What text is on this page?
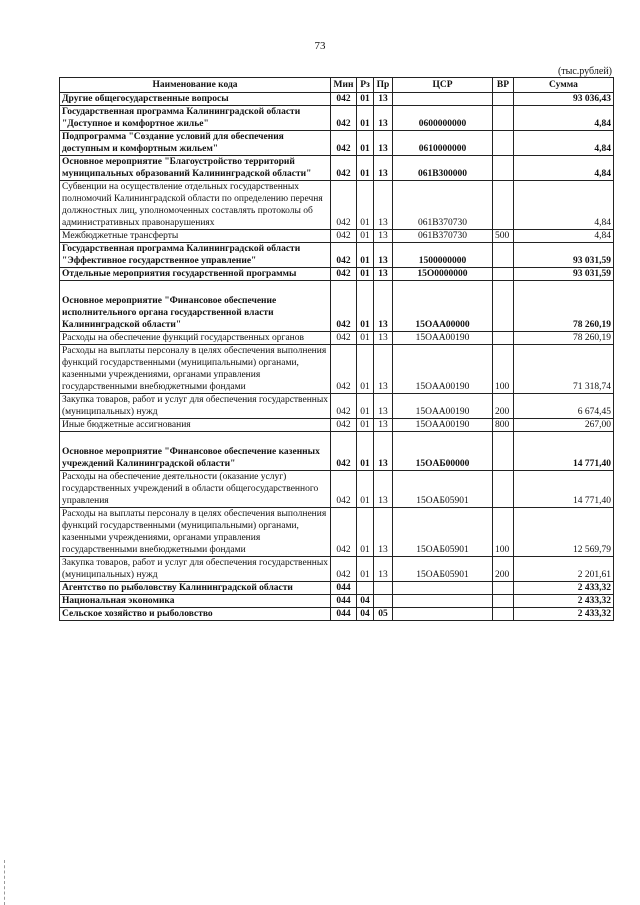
73
(тыс.рублей)
Наименование кода	Мин	Рз	Пр	ЦСР	ВР	Сумма
Другие общегосударственные вопросы	042	01	13			93 036,43
Государственная программа Калининградской области "Доступное и комфортное жилье"	042	01	13	0600000000		4,84
Подпрограмма "Создание условий для обеспечения доступным и комфортным жильем"	042	01	13	0610000000		4,84
Основное мероприятие "Благоустройство территорий муниципальных образований Калининградской области"	042	01	13	061B300000		4,84
Субвенции на осуществление отдельных государственных полномочий Калининградской области по определению перечня должностных лиц, уполномоченных составлять протоколы об административных правонарушениях	042	01	13	061B370730		4,84
Межбюджетные трансферты	042	01	13	061B370730	500	4,84
Государственная программа Калининградской области "Эффективное государственное управление"	042	01	13	1500000000		93 031,59
Отдельные мероприятия государственной программы	042	01	13	15O0000000		93 031,59
Основное мероприятие "Финансовое обеспечение исполнительного органа государственной власти Калининградской области"	042	01	13	15OAA00000		78 260,19
Расходы на обеспечение функций государственных органов	042	01	13	15OAA00190		78 260,19
Расходы на выплаты персоналу в целях обеспечения выполнения функций государственными (муниципальными) органами, казенными учреждениями, органами управления государственными внебюджетными фондами	042	01	13	15OAA00190	100	71 318,74
Закупка товаров, работ и услуг для обеспечения государственных (муниципальных) нужд	042	01	13	15OAA00190	200	6 674,45
Иные бюджетные ассигнования	042	01	13	15OAA00190	800	267,00
Основное мероприятие "Финансовое обеспечение казенных учреждений Калининградской области"	042	01	13	15OAБ00000		14 771,40
Расходы на обеспечение деятельности (оказание услуг) государственных учреждений в области общегосударственного управления	042	01	13	15OAБ05901		14 771,40
Расходы на выплаты персоналу в целях обеспечения выполнения функций государственными (муниципальными) органами, казенными учреждениями, органами управления государственными внебюджетными фондами	042	01	13	15OAБ05901	100	12 569,79
Закупка товаров, работ и услуг для обеспечения государственных (муниципальных) нужд	042	01	13	15OAБ05901	200	2 201,61
Агентство по рыболовству Калининградской области	044					2 433,32
Национальная экономика	044	04				2 433,32
Сельское хозяйство и рыболовство	044	04	05			2 433,32
